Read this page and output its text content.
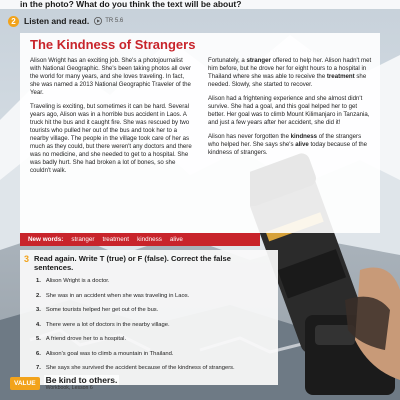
in the photo? What do you think the text will be about?
2 Listen and read.	TR 5.6
The Kindness of Strangers

Alison Wright has an exciting job. She's a photojournalist with National Geographic. She's been taking photos all over the world for many years, and she loves traveling. In fact, she was named a 2013 National Geographic Traveler of the Year.

Traveling is exciting, but sometimes it can be hard. Several years ago, Alison was in a horrible bus accident in Laos. A truck hit the bus and it caught fire. She was rescued by two tourists who pulled her out of the bus and took her to a nearby village. The people in the village took care of her as much as they could, but there weren't any doctors and there was no medicine, and she needed to get to a hospital. She was badly hurt. She had broken a lot of bones, so she couldn't walk.

Fortunately, a stranger offered to help her. Alison hadn't met him before, but he drove her for eight hours to a hospital in Thailand where she was able to receive the treatment she needed. Slowly, she started to recover.

Alison had a frightening experience and she almost didn't survive. She had a goal, and this goal helped her to get better. Her goal was to climb Mount Kilimanjaro in Tanzania, and just a few years after her accident, she did it!

Alison has never forgotten the kindness of the strangers who helped her. She says she's alive today because of the kindness of strangers.

New words: stranger treatment kindness alive
3 Read again. Write T (true) or F (false). Correct the false sentences.
1. Alison Wright is a doctor.
2. She was in an accident when she was traveling in Laos.
3. Some tourists helped her get out of the bus.
4. There were a lot of doctors in the nearby village.
5. A friend drove her to a hospital.
6. Alison's goal was to climb a mountain in Thailand.
7. She says she survived the accident because of the kindness of strangers.
VALUE	Be kind to others.
Workbook, Lesson 6
